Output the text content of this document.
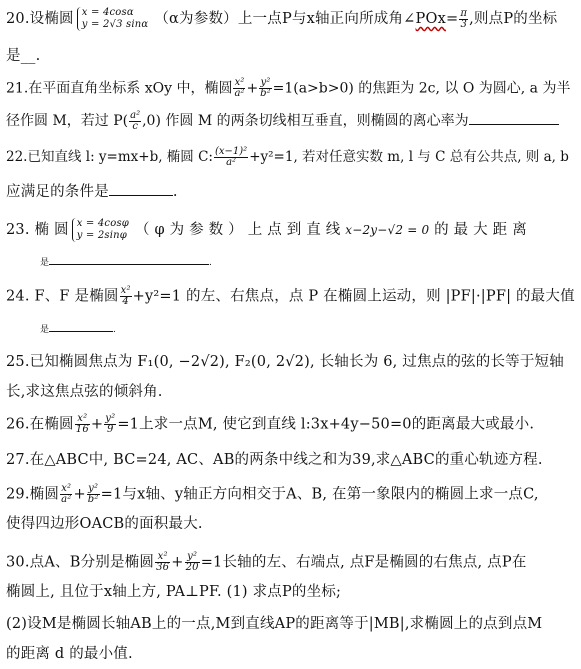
20.设椭圆 x = 4cosα
y = 2√3 sinα （α为参数）上一点P与x轴正向所成角∠POx= $\frac{\pi}{3}$ ,则点P的坐标
是__.
21.在平面直角坐标系 xOy 中，椭圆 $\frac{\text{x²}}{\text{a²}} + \frac{\text{y²}}{\text{b²}} =1(a>b>0)$ 的焦距为 2c, 以 O 为圆心, a 为半
径作圆 M，若过 $P( \frac{\text{a²}}{c} ,0)$ 作圆 M 的两条切线相互垂直，则椭圆的离心率为
22.已知直线 l: y=mx+b, 椭圆 C: $\frac{\text{(x−1)²}}{\text{a²}} +y^2=1$, 若对任意实数 m, l 与 C 总有公共点, 则 a, b
应满足的条件是	.
23. 椭 圆 x = 4cosφ
y = 2sinφ （ φ 为 参 数 ） 上 点 到 直 线 x−2y−√2 = 0 的 最 大 距 离
是	.
24. F、F 是椭圆 $\frac{\text{x²}}{4} +y^2=1$ 的左、右焦点，点 P 在椭圆上运动，则 |PF|·|PF| 的最大值
是	.
25.已知椭圆焦点为 F₁(0, −2√2), F₂(0, 2√2), 长轴长为 6, 过焦点的弦的长等于短轴
长,求这焦点弦的倾斜角.
26.在椭圆 $\frac{\text{x²}}{16} + \frac{\text{y²}}{9} =1$上求一点M, 使它到直线 l:3x+4y−50=0的距离最大或最小.
27.在△ABC中, BC=24, AC、AB的两条中线之和为39,求△ABC的重心轨迹方程.
29.椭圆 $\frac{\text{x²}}{\text{a²}} + \frac{\text{y²}}{\text{b²}} =1$与x轴、y轴正方向相交于A、B, 在第一象限内的椭圆上求一点C,
使得四边形OACB的面积最大.
30.点A、B分别是椭圆 $\frac{\text{x²}}{36} + \frac{\text{y²}}{20} =1$长轴的左、右端点, 点F是椭圆的右焦点, 点P在
椭圆上, 且位于x轴上方, PA⊥PF. (1) 求点P的坐标;
(2)设M是椭圆长轴AB上的一点,M到直线AP的距离等于|MB|,求椭圆上的点到点M
的距离 d 的最小值.
